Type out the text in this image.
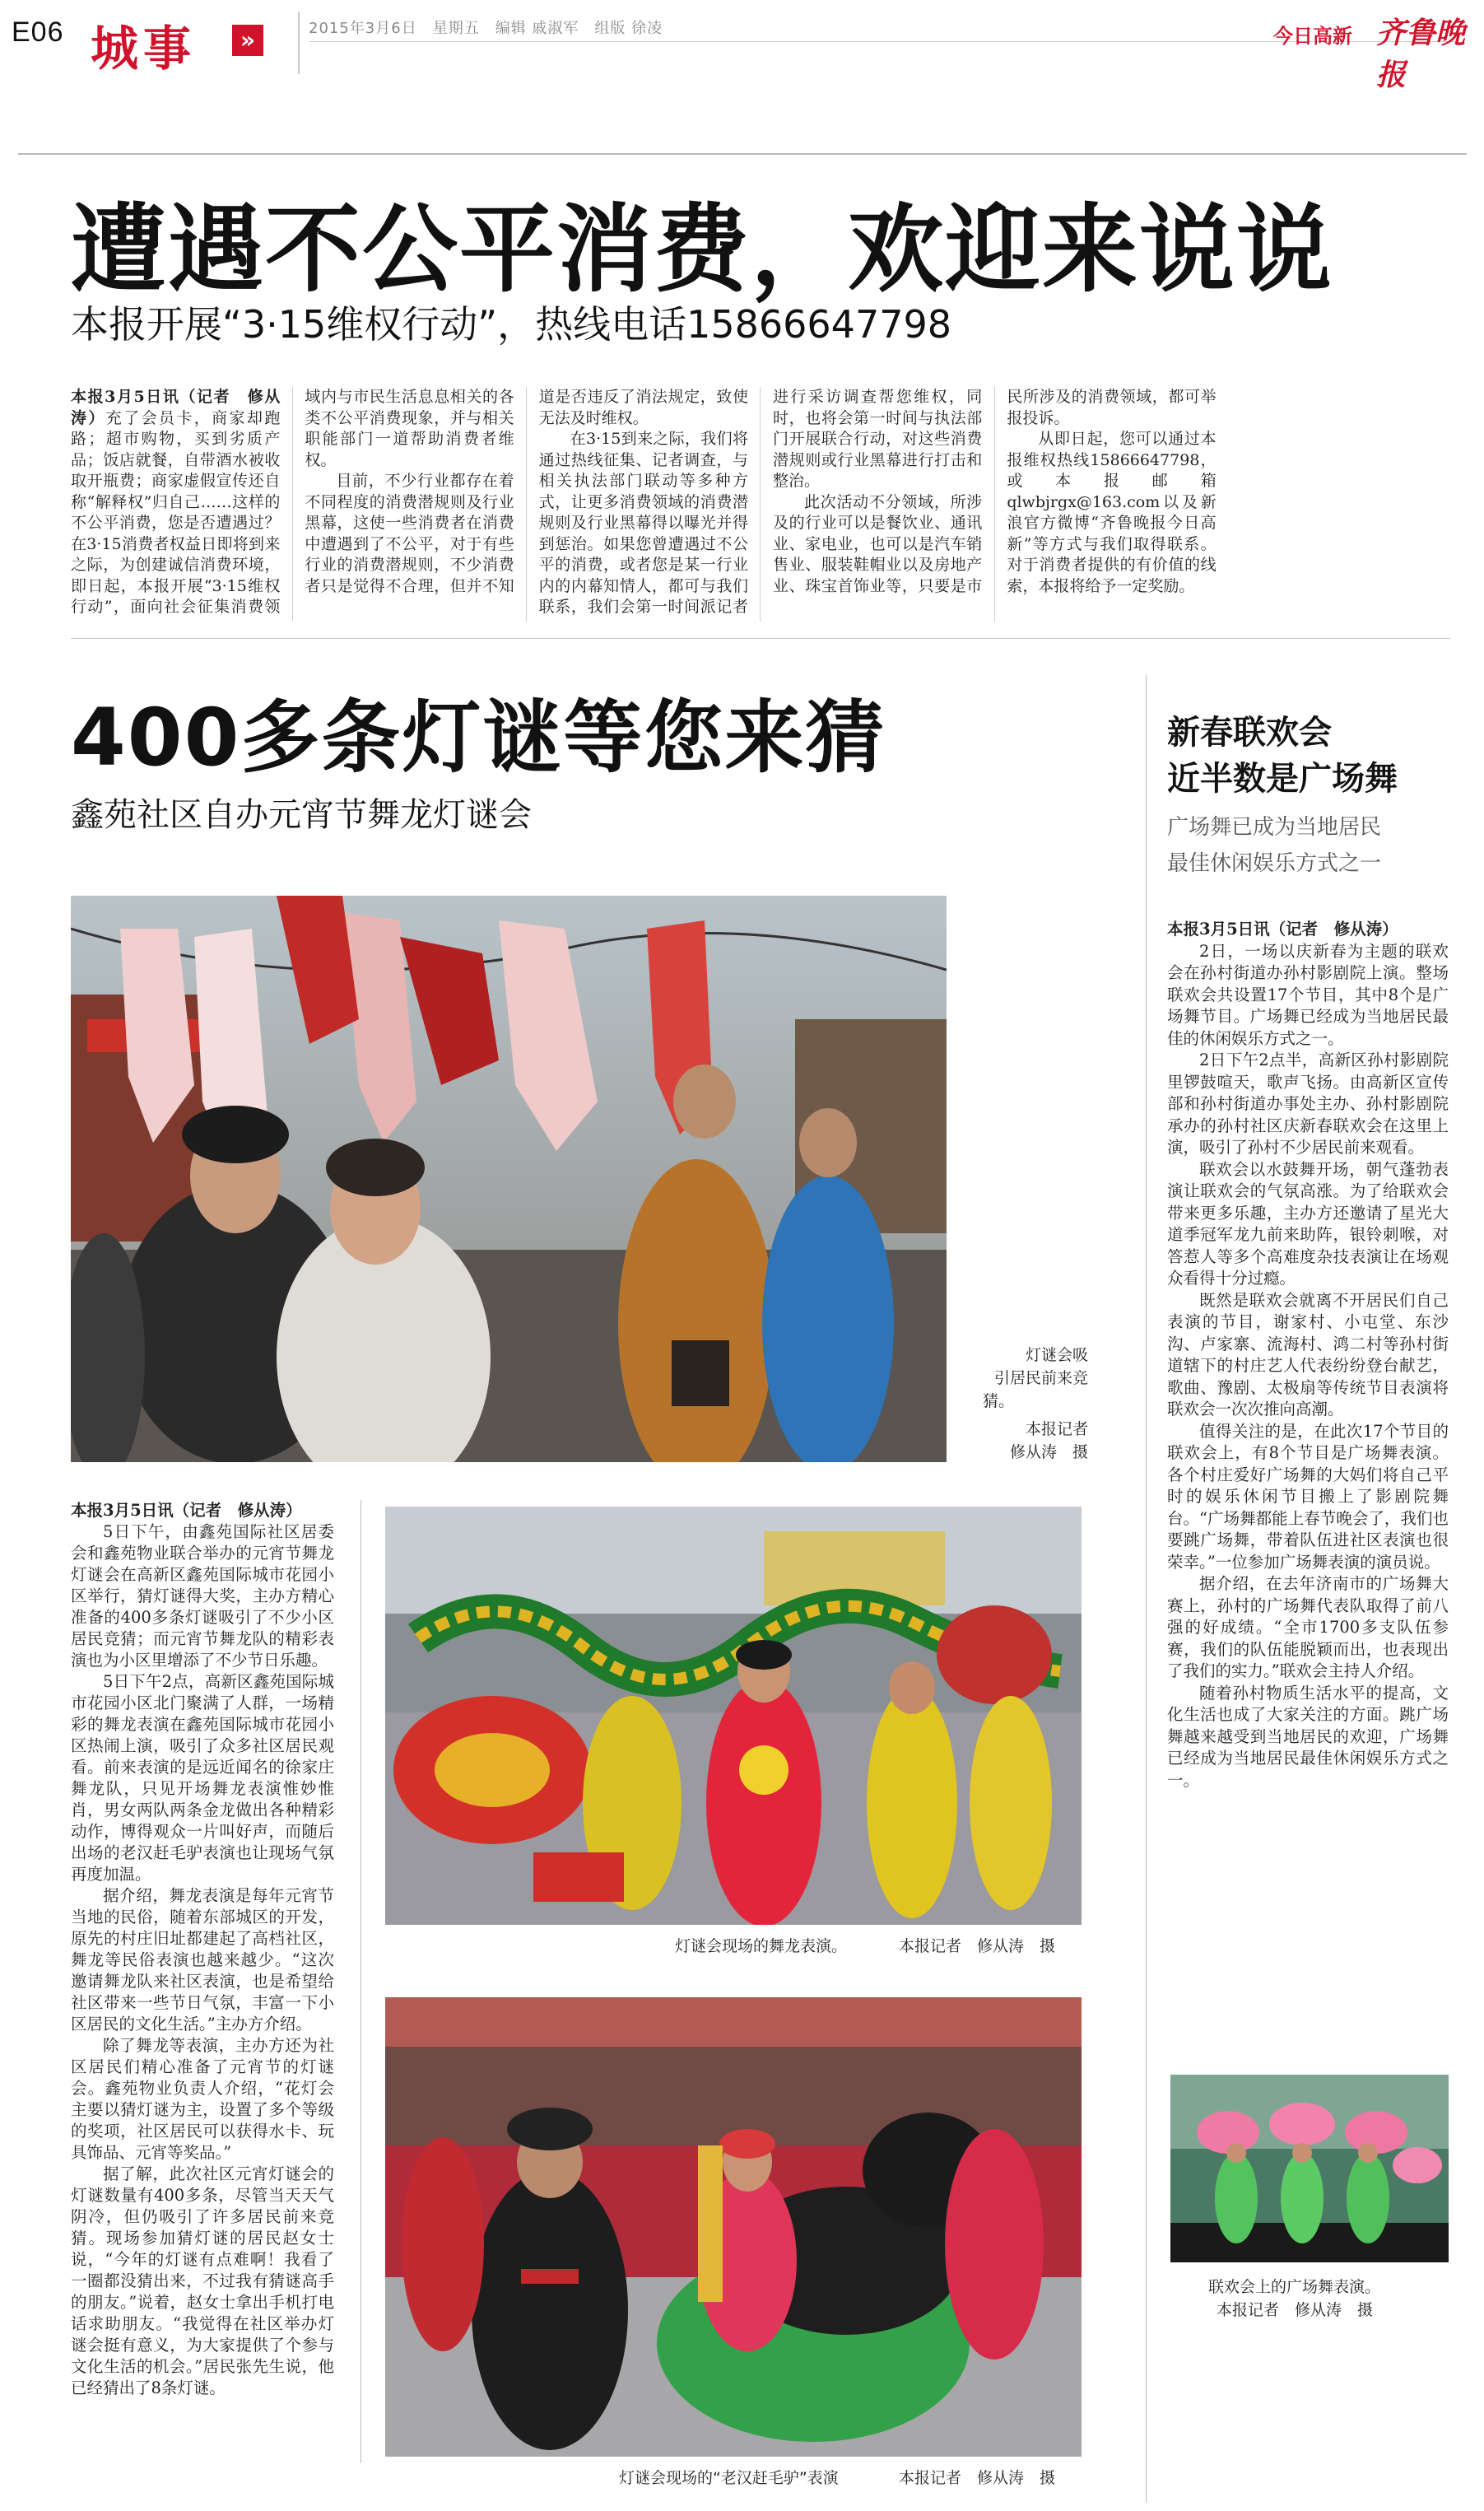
E06 城事	»	2015年3月6日　星期五　编辑 戚淑军　组版 徐凌	今日高新 齐鲁晚报
遭遇不公平消费，欢迎来说说
本报开展“3·15维权行动”，热线电话15866647798

本报3月5日讯（记者　修从涛）充了会员卡，商家却跑路；超市购物，买到劣质产品；饭店就餐，自带酒水被收取开瓶费；商家虚假宣传还自称“解释权”归自己……这样的不公平消费，您是否遭遇过？在3·15消费者权益日即将到来之际，为创建诚信消费环境，即日起，本报开展“3·15维权行动”，面向社会征集消费领域内与市民生活息息相关的各类不公平消费现象，并与相关职能部门一道帮助消费者维权。

目前，不少行业都存在着不同程度的消费潜规则及行业黑幕，这使一些消费者在消费中遭遇到了不公平，对于有些行业的消费潜规则，不少消费者只是觉得不合理，但并不知道是否违反了消法规定，致使无法及时维权。

在3·15到来之际，我们将通过热线征集、记者调查，与相关执法部门联动等多种方式，让更多消费领域的消费潜规则及行业黑幕得以曝光并得到惩治。如果您曾遭遇过不公平的消费，或者您是某一行业内的内幕知情人，都可与我们联系，我们会第一时间派记者进行采访调查帮您维权，同时，也将会第一时间与执法部门开展联合行动，对这些消费潜规则或行业黑幕进行打击和整治。

此次活动不分领域，所涉及的行业可以是餐饮业、通讯业、家电业，也可以是汽车销售业、服装鞋帽业以及房地产业、珠宝首饰业等，只要是市民所涉及的消费领域，都可举报投诉。

从即日起，您可以通过本报维权热线15866647798，或本报邮箱qlwbjrgx@163.com以及新浪官方微博“齐鲁晚报今日高新”等方式与我们取得联系。对于消费者提供的有价值的线索，本报将给予一定奖励。

400多条灯谜等您来猜
鑫苑社区自办元宵节舞龙灯谜会
灯谜会吸
引居民前来竞
猜。
本报记者
修从涛　摄

本报3月5日讯（记者　修从涛）

5日下午，由鑫苑国际社区居委会和鑫苑物业联合举办的元宵节舞龙灯谜会在高新区鑫苑国际城市花园小区举行，猜灯谜得大奖，主办方精心准备的400多条灯谜吸引了不少小区居民竞猜；而元宵节舞龙队的精彩表演也为小区里增添了不少节日乐趣。

5日下午2点，高新区鑫苑国际城市花园小区北门聚满了人群，一场精彩的舞龙表演在鑫苑国际城市花园小区热闹上演，吸引了众多社区居民观看。前来表演的是远近闻名的徐家庄舞龙队，只见开场舞龙表演惟妙惟肖，男女两队两条金龙做出各种精彩动作，博得观众一片叫好声，而随后出场的老汉赶毛驴表演也让现场气氛再度加温。

据介绍，舞龙表演是每年元宵节当地的民俗，随着东部城区的开发，原先的村庄旧址都建起了高档社区，舞龙等民俗表演也越来越少。“这次邀请舞龙队来社区表演，也是希望给社区带来一些节日气氛，丰富一下小区居民的文化生活。”主办方介绍。

除了舞龙等表演，主办方还为社区居民们精心准备了元宵节的灯谜会。鑫苑物业负责人介绍，“花灯会主要以猜灯谜为主，设置了多个等级的奖项，社区居民可以获得水卡、玩具饰品、元宵等奖品。”

据了解，此次社区元宵灯谜会的灯谜数量有400多条，尽管当天天气阴冷，但仍吸引了许多居民前来竞猜。现场参加猜灯谜的居民赵女士说，“今年的灯谜有点难啊！我看了一圈都没猜出来，不过我有猜谜高手的朋友。”说着，赵女士拿出手机打电话求助朋友。“我觉得在社区举办灯谜会挺有意义，为大家提供了个参与文化生活的机会。”居民张先生说，他已经猜出了8条灯谜。

灯谜会现场的舞龙表演。	本报记者　修从涛　摄
灯谜会现场的“老汉赶毛驴”表演	本报记者　修从涛　摄
新春联欢会
近半数是广场舞
广场舞已成为当地居民
最佳休闲娱乐方式之一

本报3月5日讯（记者　修从涛）

2日，一场以庆新春为主题的联欢会在孙村街道办孙村影剧院上演。整场联欢会共设置17个节目，其中8个是广场舞节目。广场舞已经成为当地居民最佳的休闲娱乐方式之一。

2日下午2点半，高新区孙村影剧院里锣鼓喧天，歌声飞扬。由高新区宣传部和孙村街道办事处主办、孙村影剧院承办的孙村社区庆新春联欢会在这里上演，吸引了孙村不少居民前来观看。

联欢会以水鼓舞开场，朝气蓬勃表演让联欢会的气氛高涨。为了给联欢会带来更多乐趣，主办方还邀请了星光大道季冠军龙九前来助阵，银铃刺喉，对答惹人等多个高难度杂技表演让在场观众看得十分过瘾。

既然是联欢会就离不开居民们自己表演的节目，谢家村、小屯堂、东沙沟、卢家寨、流海村、鸿二村等孙村街道辖下的村庄艺人代表纷纷登台献艺，歌曲、豫剧、太极扇等传统节目表演将联欢会一次次推向高潮。

值得关注的是，在此次17个节目的联欢会上，有8个节目是广场舞表演。各个村庄爱好广场舞的大妈们将自己平时的娱乐休闲节目搬上了影剧院舞台。“广场舞都能上春节晚会了，我们也要跳广场舞，带着队伍进社区表演也很荣幸。”一位参加广场舞表演的演员说。

据介绍，在去年济南市的广场舞大赛上，孙村的广场舞代表队取得了前八强的好成绩。“全市1700多支队伍参赛，我们的队伍能脱颖而出，也表现出了我们的实力。”联欢会主持人介绍。

随着孙村物质生活水平的提高，文化生活也成了大家关注的方面。跳广场舞越来越受到当地居民的欢迎，广场舞已经成为当地居民最佳休闲娱乐方式之一。

联欢会上的广场舞表演。
本报记者　修从涛　摄
